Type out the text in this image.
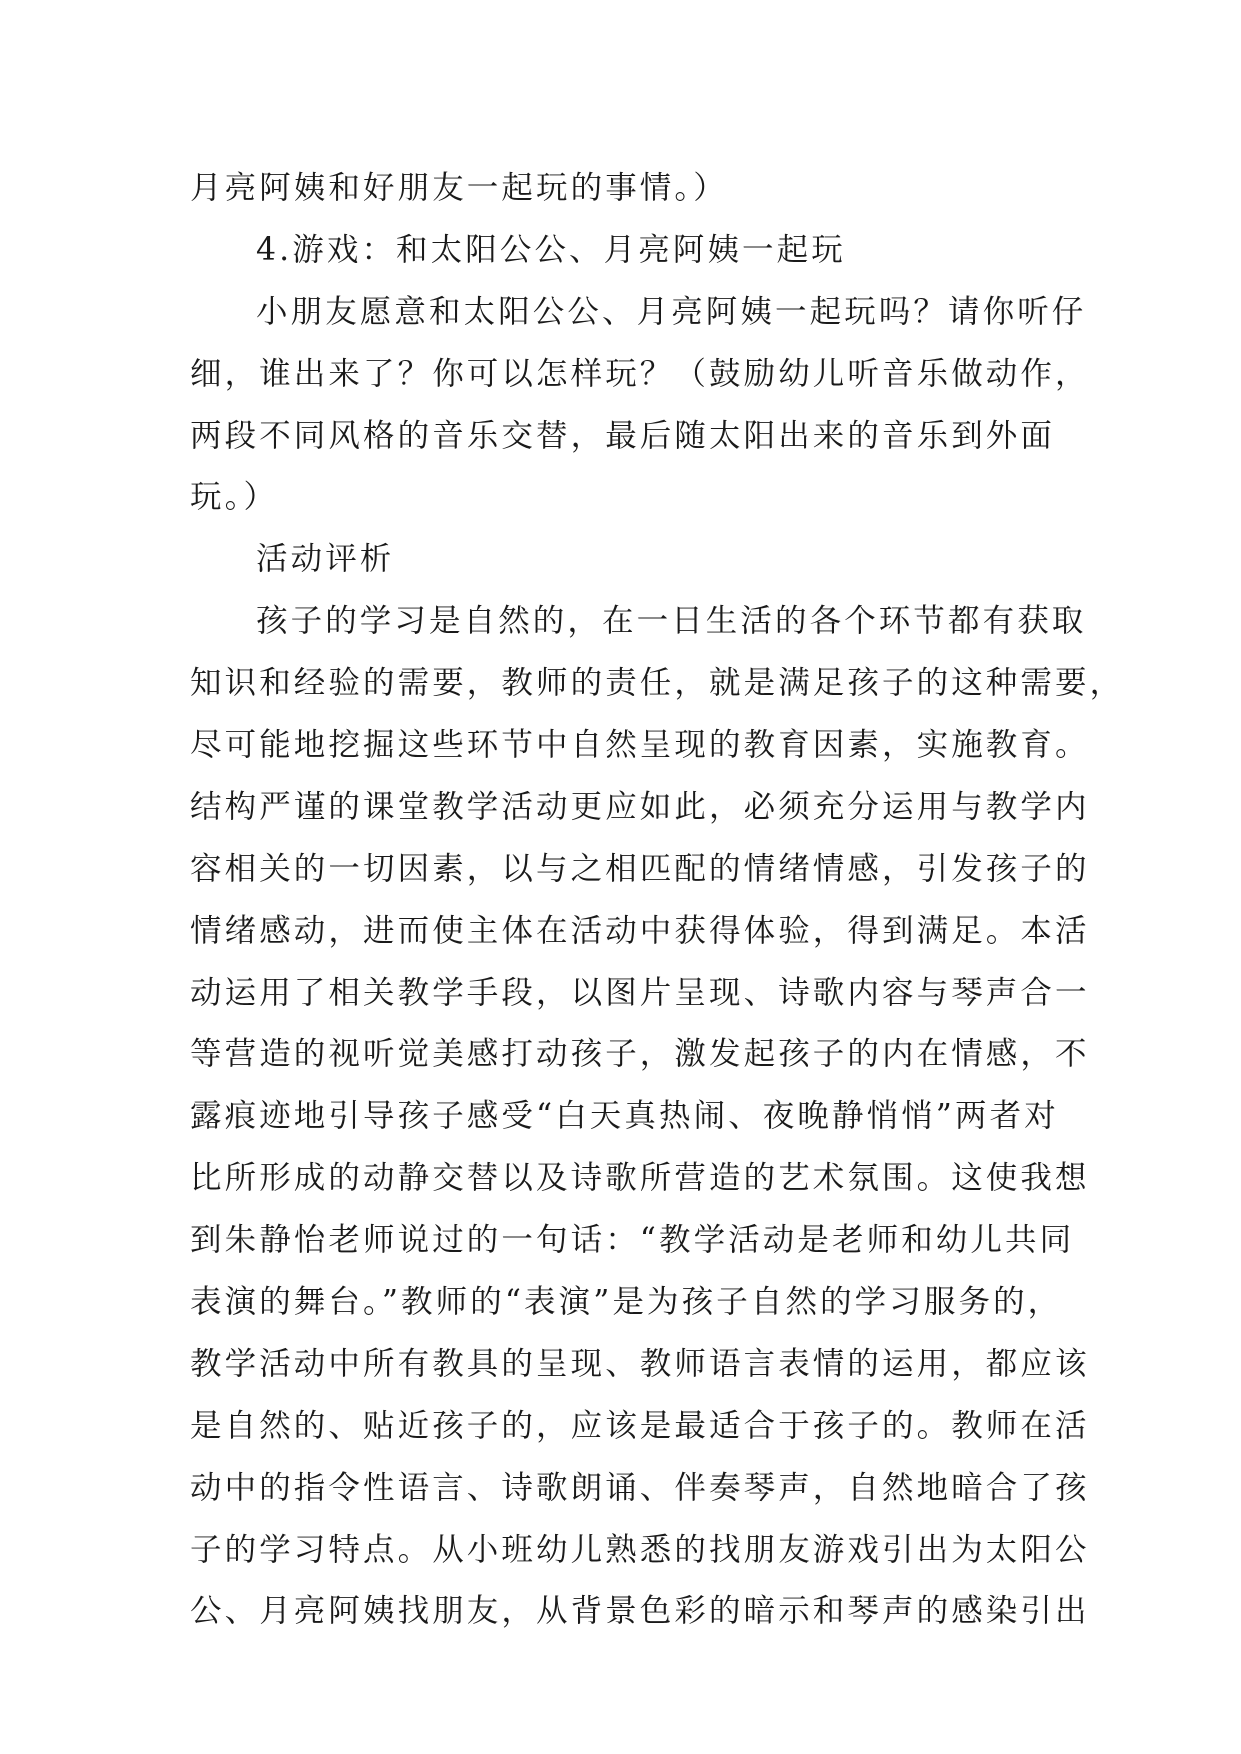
月亮阿姨和好朋友一起玩的事情。）
4.游戏：和太阳公公、月亮阿姨一起玩
小朋友愿意和太阳公公、月亮阿姨一起玩吗？请你听仔
细，谁出来了？你可以怎样玩？（鼓励幼儿听音乐做动作，
两段不同风格的音乐交替，最后随太阳出来的音乐到外面
玩。）
活动评析
孩子的学习是自然的，在一日生活的各个环节都有获取
知识和经验的需要，教师的责任，就是满足孩子的这种需要，
尽可能地挖掘这些环节中自然呈现的教育因素，实施教育。
结构严谨的课堂教学活动更应如此，必须充分运用与教学内
容相关的一切因素，以与之相匹配的情绪情感，引发孩子的
情绪感动，进而使主体在活动中获得体验，得到满足。本活
动运用了相关教学手段，以图片呈现、诗歌内容与琴声合一
等营造的视听觉美感打动孩子，激发起孩子的内在情感，不
露痕迹地引导孩子感受“白天真热闹、夜晚静悄悄”两者对
比所形成的动静交替以及诗歌所营造的艺术氛围。这使我想
到朱静怡老师说过的一句话：“教学活动是老师和幼儿共同
表演的舞台。”教师的“表演”是为孩子自然的学习服务的，
教学活动中所有教具的呈现、教师语言表情的运用，都应该
是自然的、贴近孩子的，应该是最适合于孩子的。教师在活
动中的指令性语言、诗歌朗诵、伴奏琴声，自然地暗合了孩
子的学习特点。从小班幼儿熟悉的找朋友游戏引出为太阳公
公、月亮阿姨找朋友，从背景色彩的暗示和琴声的感染引出
